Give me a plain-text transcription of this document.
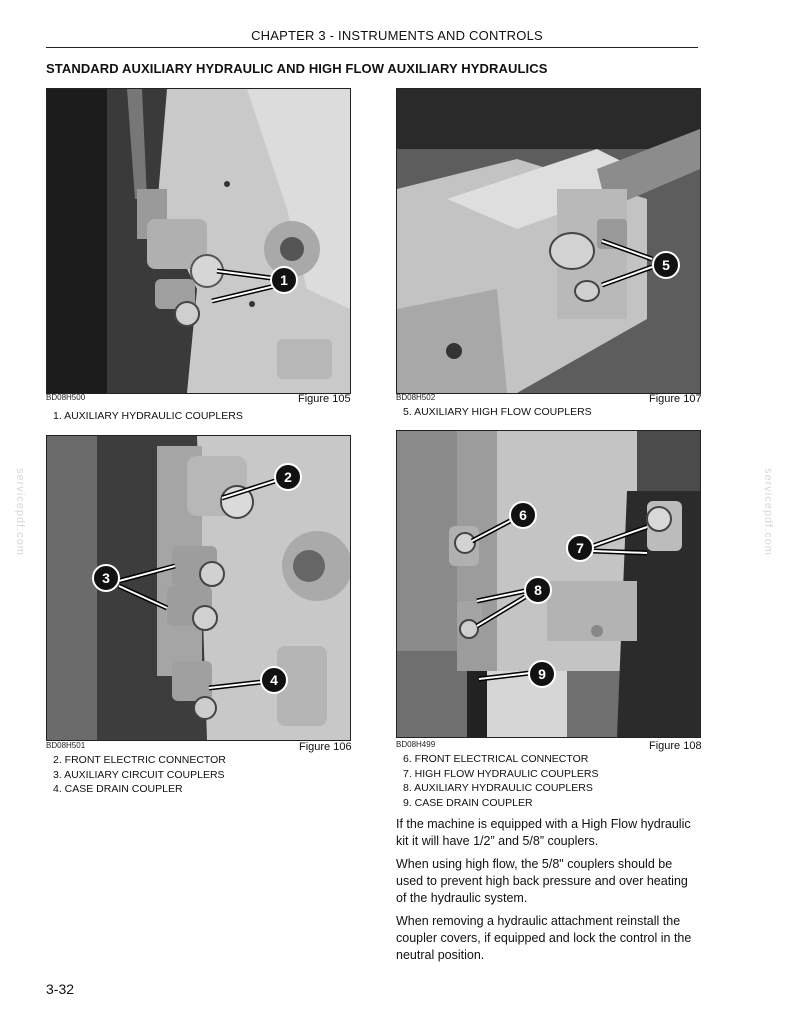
CHAPTER 3 - INSTRUMENTS AND CONTROLS
STANDARD AUXILIARY HYDRAULIC AND HIGH FLOW AUXILIARY HYDRAULICS
servicepdf.com	servicepdf.com
1
BD08H500	Figure 105
1. AUXILIARY HYDRAULIC COUPLERS
5
BD08H502	Figure 107
5. AUXILIARY HIGH FLOW COUPLERS
2
3
4
BD08H501	Figure 106
2. FRONT ELECTRIC CONNECTOR
3. AUXILIARY CIRCUIT COUPLERS
4. CASE DRAIN COUPLER
6
7
8
9
BD08H499	Figure 108
6. FRONT ELECTRICAL CONNECTOR
7. HIGH FLOW HYDRAULIC COUPLERS
8. AUXILIARY HYDRAULIC COUPLERS
9. CASE DRAIN COUPLER

If the machine is equipped with a High Flow hydraulic kit it will have 1/2” and 5/8” couplers.

When using high flow, the 5/8" couplers should be used to prevent high back pressure and over heating of the hydraulic system.

When removing a hydraulic attachment reinstall the coupler covers, if equipped and lock the control in the neutral position.

3-32
